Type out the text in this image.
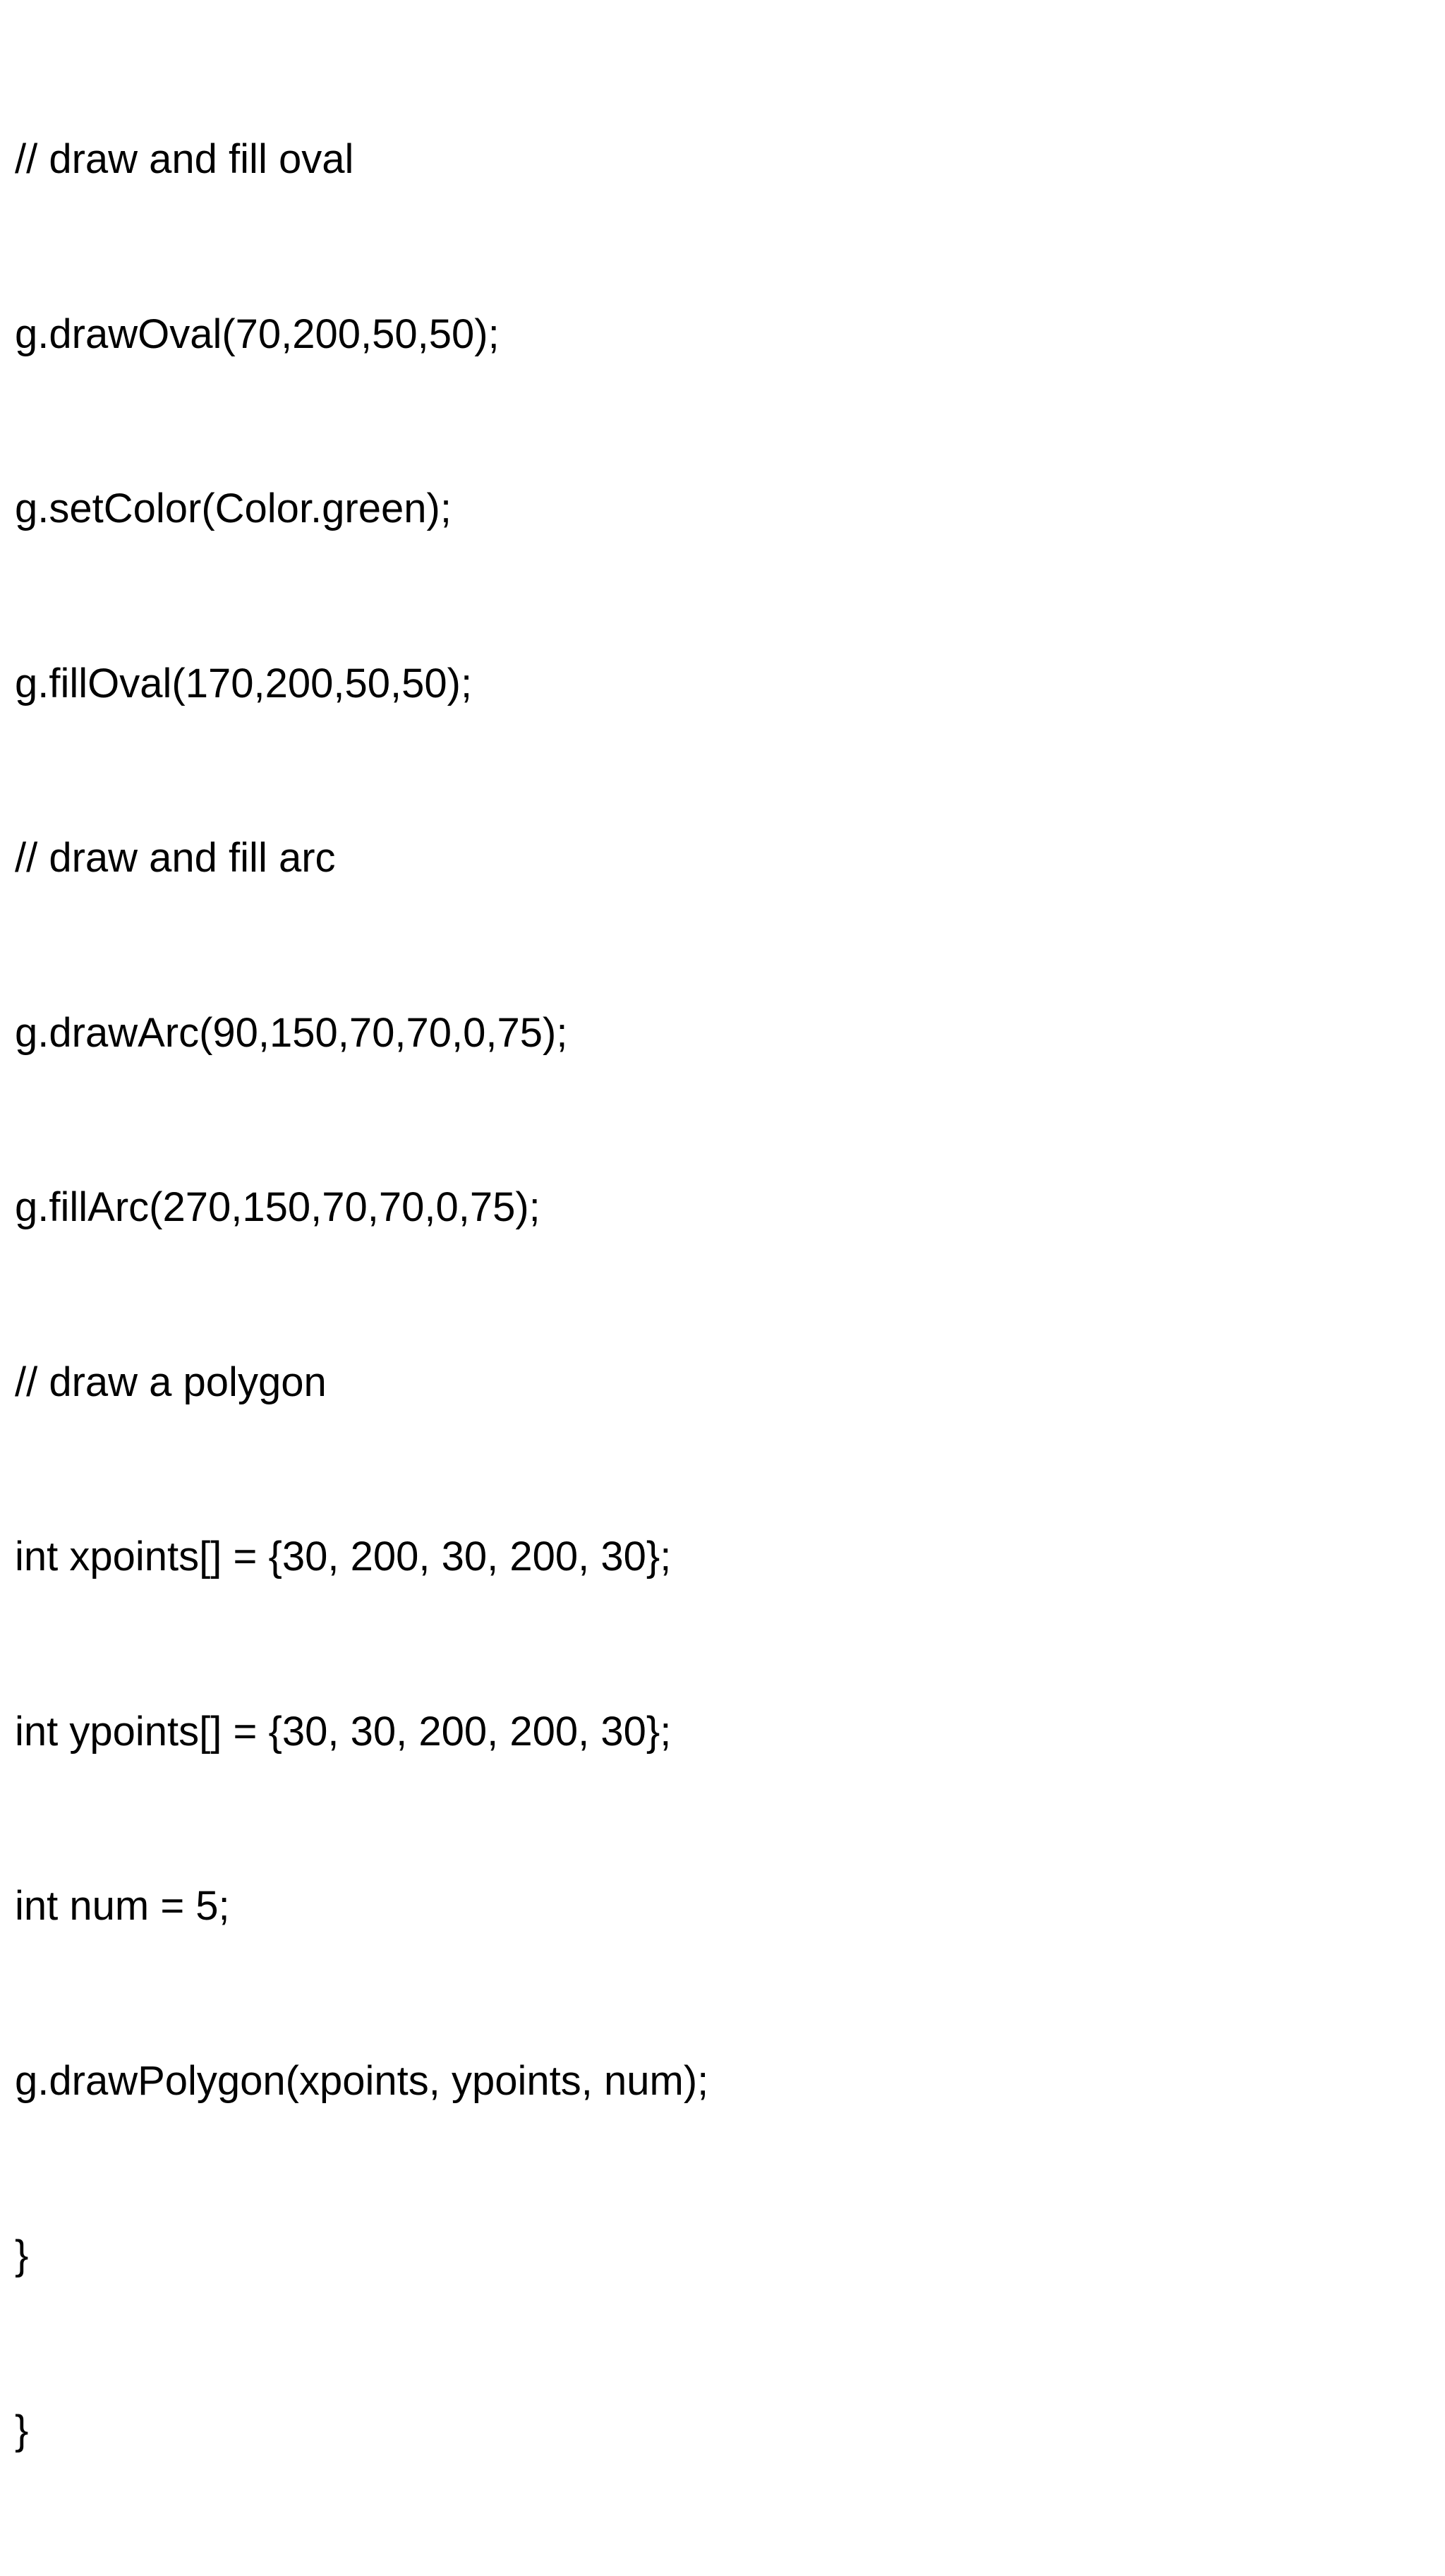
// draw and fill oval

g.drawOval(70,200,50,50);

g.setColor(Color.green);

g.fillOval(170,200,50,50);

// draw and fill arc

g.drawArc(90,150,70,70,0,75);

g.fillArc(270,150,70,70,0,75);

// draw a polygon

int xpoints[] = {30, 200, 30, 200, 30};

int ypoints[] = {30, 30, 200, 200, 30};

int num = 5;

g.drawPolygon(xpoints, ypoints, num);

}

}
